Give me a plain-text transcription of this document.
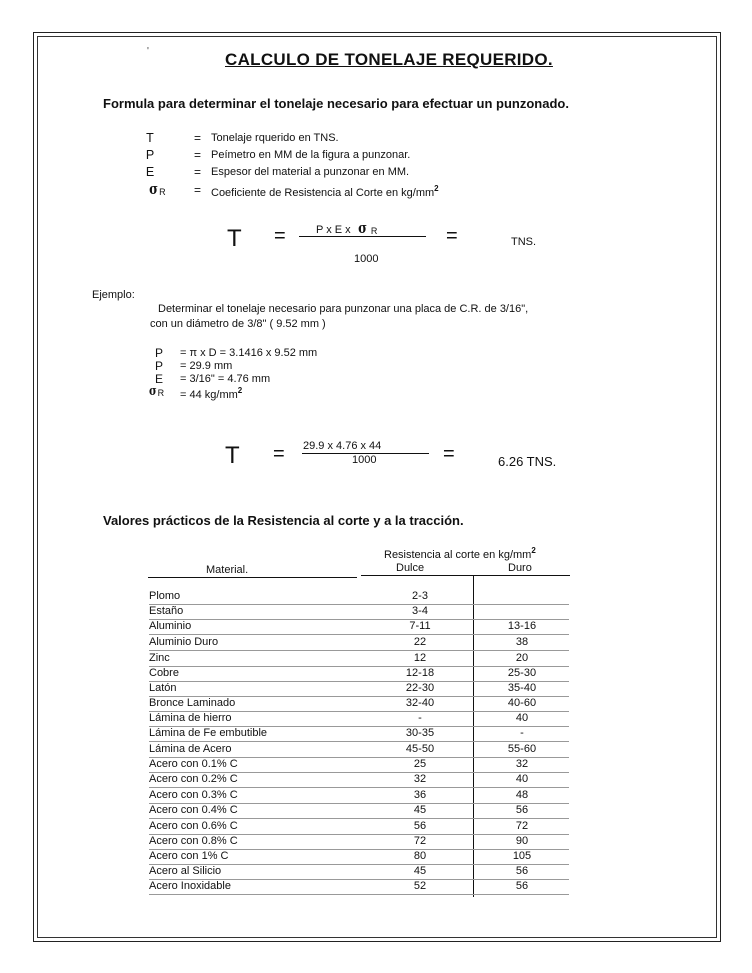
'	CALCULO DE TONELAJE REQUERIDO.
Formula para determinar el tonelaje necesario para efectuar un punzonado.
T	= Tonelaje rquerido en TNS.
P	= Peímetro en MM de la figura a punzonar.
E	= Espesor del material a punzonar en MM.
σR = Coeficiente de Resistencia al Corte en $kg/mm^2$
T =	P x E x σ R
1000
=	TNS.
Ejemplo:
Determinar el tonelaje necesario para punzonar una placa de C.R. de 3/16",
con un diámetro de 3/8" ( 9.52 mm )
P	= π x D = 3.1416 x 9.52 mm
P	= 29.9 mm
E	= 3/16" = 4.76 mm
σR = 44 $kg/mm^2$
T = 29.9 x 4.76 x 44
1000	=	6.26 TNS.
Valores prácticos de la Resistencia al corte y a la tracción.
Resistencia al corte en $kg/mm^2$
Material.	Dulce	Duro
Plomo	2-3
Estaño	3-4
Aluminio	7-11	13-16
Aluminio Duro	22	38
Zinc	12	20
Cobre	12-18	25-30
Latón	22-30	35-40
Bronce Laminado	32-40	40-60
Lámina de hierro	-	40
Lámina de Fe embutible	30-35	-
Lámina de Acero	45-50	55-60
Acero con 0.1% C	25	32
Acero con 0.2% C	32	40
Acero con 0.3% C	36	48
Acero con 0.4% C	45	56
Acero con 0.6% C	56	72
Acero con 0.8% C	72	90
Acero con 1% C	80	105
Acero al Silicio	45	56
Acero Inoxidable	52	56
